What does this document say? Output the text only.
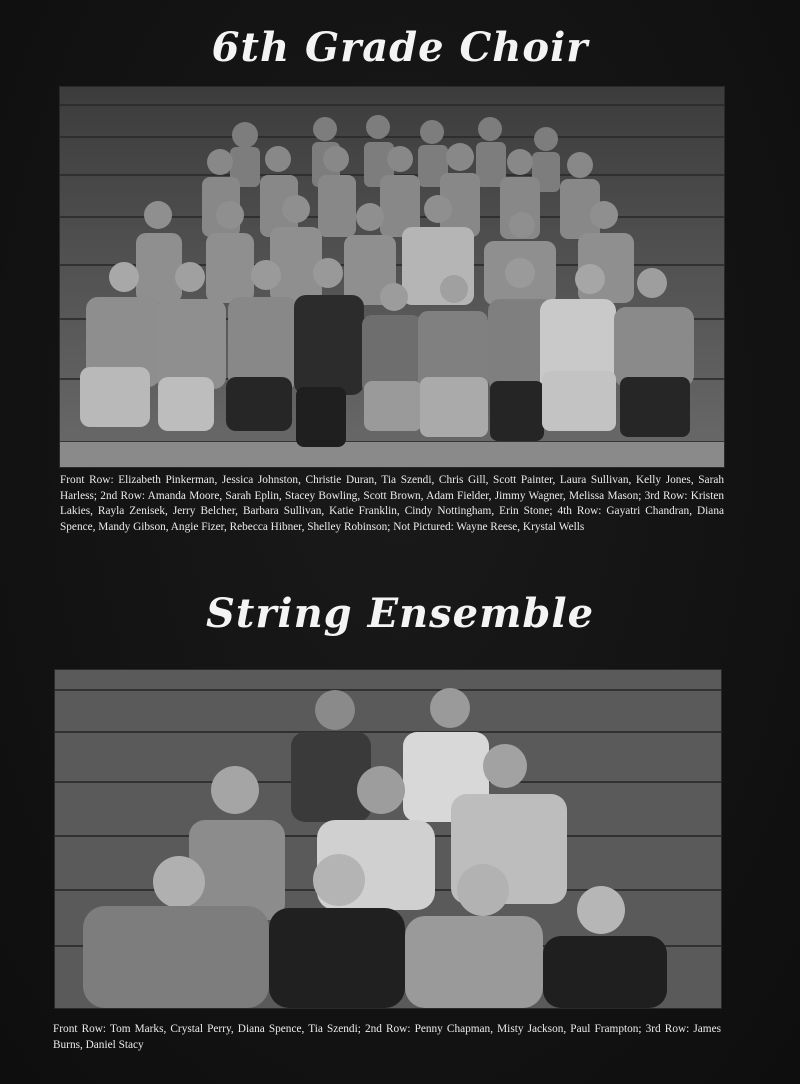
6th Grade Choir
Front Row: Elizabeth Pinkerman, Jessica Johnston, Christie Duran, Tia Szendi, Chris Gill, Scott Painter, Laura Sullivan, Kelly Jones, Sarah Harless; 2nd Row: Amanda Moore, Sarah Eplin, Stacey Bowling, Scott Brown, Adam Fielder, Jimmy Wagner, Melissa Mason; 3rd Row: Kristen Lakies, Rayla Zenisek, Jerry Belcher, Barbara Sullivan, Katie Franklin, Cindy Nottingham, Erin Stone; 4th Row: Gayatri Chandran, Diana Spence, Mandy Gibson, Angie Fizer, Rebecca Hibner, Shelley Robinson; Not Pictured: Wayne Reese, Krystal Wells
String Ensemble
Front Row: Tom Marks, Crystal Perry, Diana Spence, Tia Szendi; 2nd Row: Penny Chapman, Misty Jackson, Paul Frampton; 3rd Row: James Burns, Daniel Stacy
